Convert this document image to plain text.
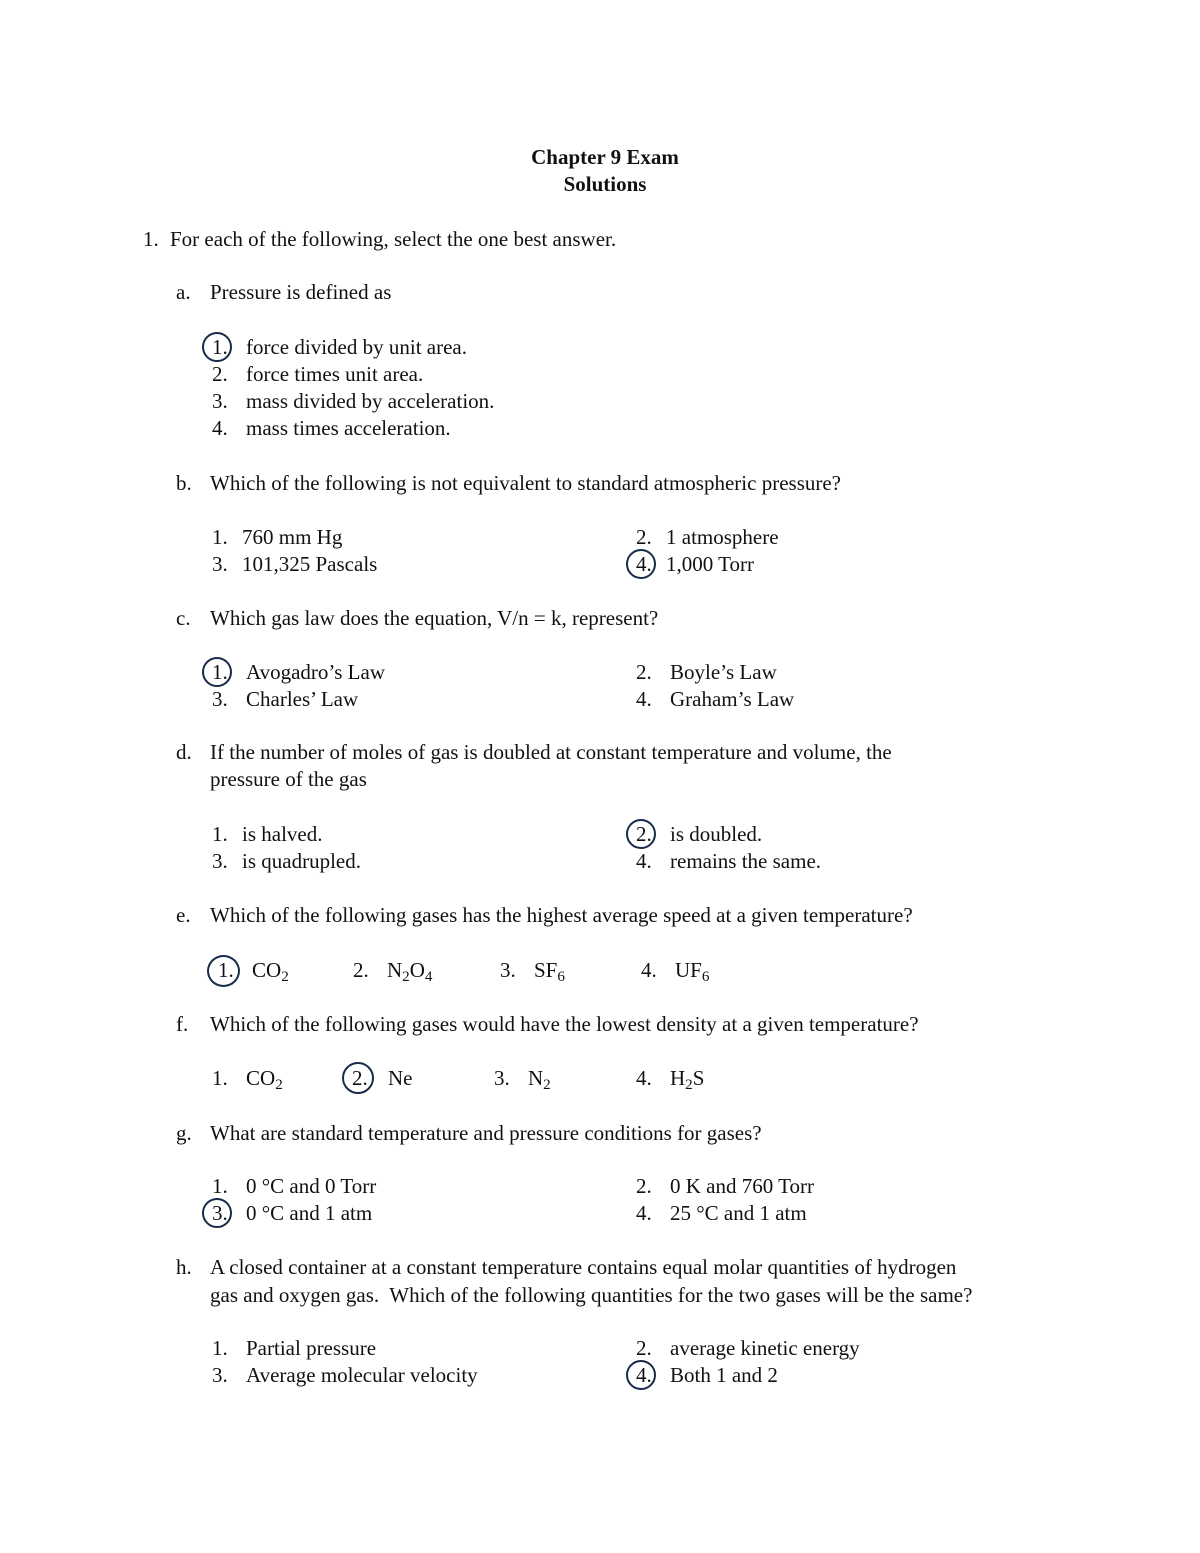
Chapter 9 Exam
Solutions
1. For each of the following, select the one best answer.
a. Pressure is defined as
1. force divided by unit area.
2. force times unit area.
3. mass divided by acceleration.
4. mass times acceleration.
b. Which of the following is not equivalent to standard atmospheric pressure?
1. 760 mm Hg	2. 1 atmosphere
3. 101,325 Pascals	4. 1,000 Torr
c. Which gas law does the equation, V/n = k, represent?
1. Avogadro’s Law	2. Boyle’s Law
3. Charles’ Law	4. Graham’s Law
d. If the number of moles of gas is doubled at constant temperature and volume, the
pressure of the gas
1. is halved.	2. is doubled.
3. is quadrupled.	4. remains the same.
e. Which of the following gases has the highest average speed at a given temperature?
1. $CO_2$	2. $N_2O_4$	3. $SF_6$	4. $UF_6$
f. Which of the following gases would have the lowest density at a given temperature?
1. $CO_2$	2. Ne	3. $N_2$	4. $H_2S$
g. What are standard temperature and pressure conditions for gases?
1. 0 °C and 0 Torr	2. 0 K and 760 Torr
3. 0 °C and 1 atm	4. 25 °C and 1 atm
h. A closed container at a constant temperature contains equal molar quantities of hydrogen
gas and oxygen gas.  Which of the following quantities for the two gases will be the same?
1. Partial pressure	2. average kinetic energy
3. Average molecular velocity	4. Both 1 and 2
